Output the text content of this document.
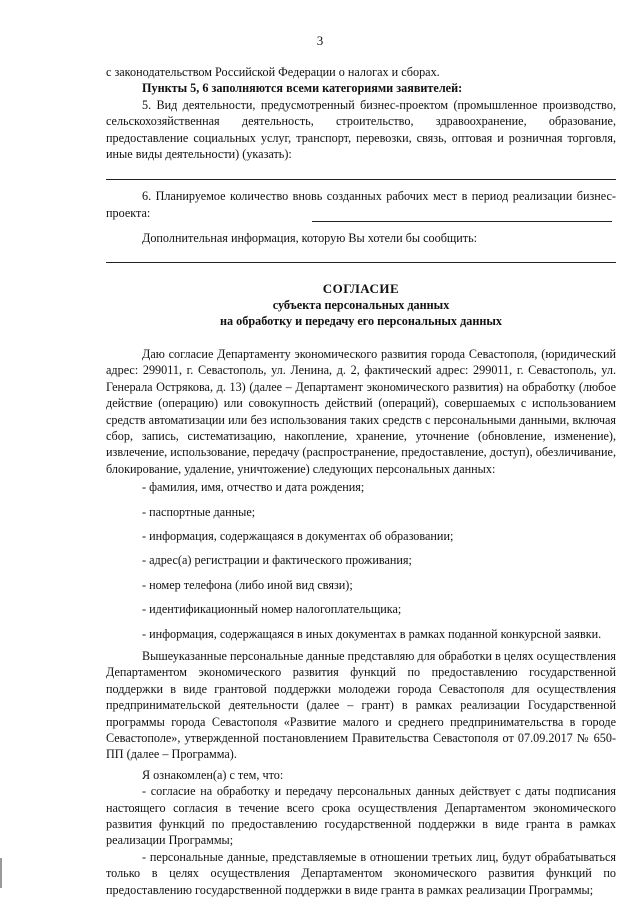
3

с законодательством Российской Федерации о налогах и сборах.

Пункты 5, 6 заполняются всеми категориями заявителей:

5. Вид деятельности, предусмотренный бизнес-проектом (промышленное производство, сельскохозяйственная деятельность, строительство, здравоохранение, образование, предоставление социальных услуг, транспорт, перевозки, связь, оптовая и розничная торговля, иные виды деятельности) (указать):

6. Планируемое количество вновь созданных рабочих мест в период реализации бизнес-проекта:

Дополнительная информация, которую Вы хотели бы сообщить:

СОГЛАСИЕ
субъекта персональных данных
на обработку и передачу его персональных данных

Даю согласие Департаменту экономического развития города Севастополя, (юридический адрес: 299011, г. Севастополь, ул. Ленина, д. 2, фактический адрес: 299011, г. Севастополь, ул. Генерала Острякова, д. 13) (далее – Департамент экономического развития) на обработку (любое действие (операцию) или совокупность действий (операций), совершаемых с использованием средств автоматизации или без использования таких средств с персональными данными, включая сбор, запись, систематизацию, накопление, хранение, уточнение (обновление, изменение), извлечение, использование, передачу (распространение, предоставление, доступ), обезличивание, блокирование, удаление, уничтожение) следующих персональных данных:

- фамилия, имя, отчество и дата рождения;

- паспортные данные;

- информация, содержащаяся в документах об образовании;

- адрес(а) регистрации и фактического проживания;

- номер телефона (либо иной вид связи);

- идентификационный номер налогоплательщика;

- информация, содержащаяся в иных документах в рамках поданной конкурсной заявки.

Вышеуказанные персональные данные представляю для обработки в целях осуществления Департаментом экономического развития функций по предоставлению государственной поддержки в виде грантовой поддержки молодежи города Севастополя для осуществления предпринимательской деятельности (далее – грант) в рамках реализации Государственной программы города Севастополя «Развитие малого и среднего предпринимательства в городе Севастополе», утвержденной постановлением Правительства Севастополя от 07.09.2017 № 650-ПП (далее – Программа).

Я ознакомлен(а) с тем, что:

- согласие на обработку и передачу персональных данных действует с даты подписания настоящего согласия в течение всего срока осуществления Департаментом экономического развития функций по предоставлению государственной поддержки в виде гранта в рамках реализации Программы;

- персональные данные, представляемые в отношении третьих лиц, будут обрабатываться только в целях осуществления Департаментом экономического развития функций по предоставлению государственной поддержки в виде гранта в рамках реализации Программы;
